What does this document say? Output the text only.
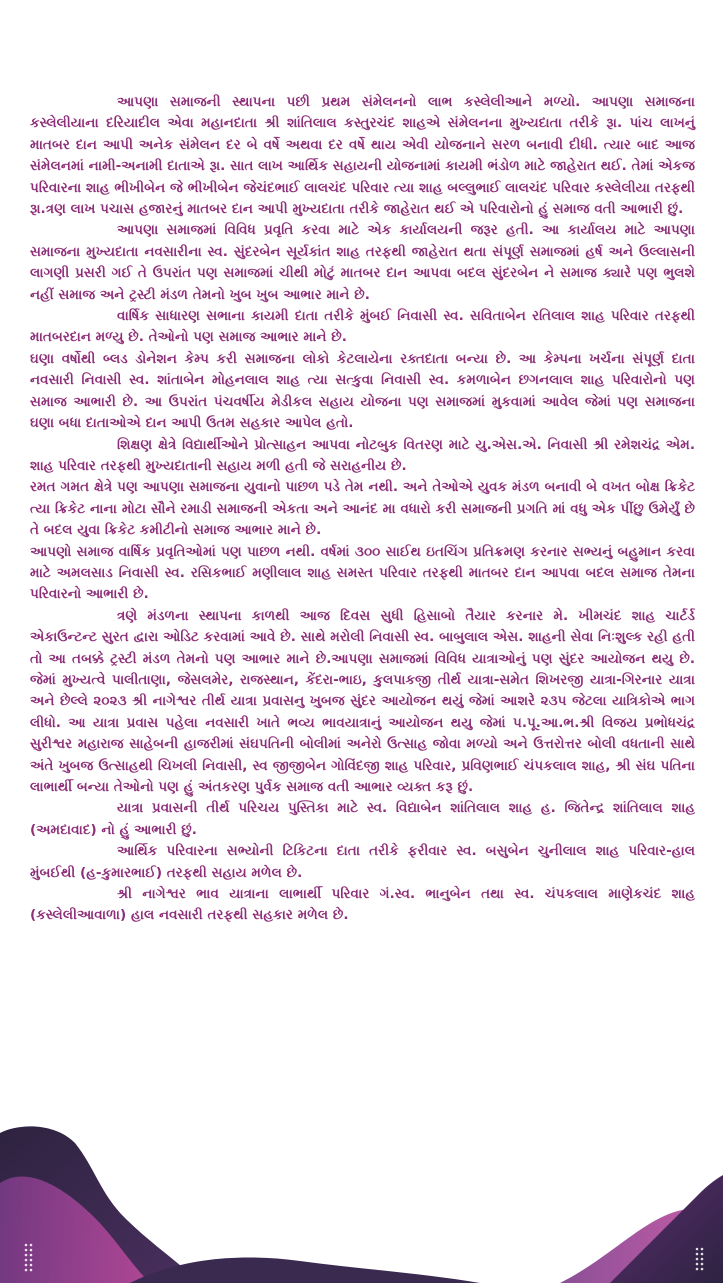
આપણા સમાજની સ્થાપના પછી પ્રથમ સંમેલનનો લાભ કસ્લેલીઆને મળ્યો. આપણા સમાજના કસ્લેલીયાના દરિયાદીલ એવા મહાનદાતા શ્રી શાંતિલાલ કસ્તુરચંદ શાહએ સંમેલનના મુખ્યદાતા તરીકે રૂા. પાંચ લાખનું માતબર દાન આપી અનેક સંમેલન દર બે વર્ષે અથવા દર વર્ષે થાય એવી યોજનાને સરળ બનાવી દીધી. ત્યાર બાદ આજ સંમેલનમાં નામી-અનામી દાતાએ રૂા. સાત લાખ આર્થિક સહાયની યોજનામાં કાયમી ભંડોળ માટે જાહેરાત થઈ. તેમાં એકજ પરિવારના શાહ ભીખીબેન જે ભીખીબેન જેચંદભાઈ લાલચંદ પરિવાર ત્યા શાહ બલ્લુભાઈ લાલચંદ પરિવાર કસ્લેલીયા તરફથી રૂા.ત્રણ લાખ પચાસ હજારનું માતબર દાન આપી મુખ્યદાતા તરીકે જાહેરાત થઈ એ પરિવારોનો હું સમાજ વતી આભારી છું.

આપણા સમાજમાં વિવિધ પ્રવૃતિ કરવા માટે એક કાર્યાલયની જરૂર હતી. આ કાર્યાલય માટે આપણા સમાજના મુખ્યદાતા નવસારીના સ્વ. સુંદરબેન સૂર્યકાંત શાહ તરફથી જાહેરાત થતા સંપૂર્ણ સમાજમાં હર્ષ અને ઉલ્લાસની લાગણી પ્રસરી ગઈ તે ઉપરાંત પણ સમાજમાં ચીથી મોટું માતબર દાન આપવા બદલ સુંદરબેન ને સમાજ ક્યારે પણ ભુલશે નહીં સમાજ અને ટ્રસ્ટી મંડળ તેમનો ખુબ ખુબ આભાર માને છે.

વાર્ષિક સાધારણ સભાના કાયમી દાતા તરીકે મુંબઈ નિવાસી સ્વ. સવિતાબેન રતિલાલ શાહ પરિવાર તરફથી માતબરદાન મળ્યુ છે. તેઓનો પણ સમાજ આભાર માને છે.

ઘણા વર્ષોથી બ્લડ ડોનેશન કેમ્પ કરી સમાજના લોકો કેટલાયેના રક્તદાતા બન્યા છે. આ કેમ્પના ખર્ચના સંપૂર્ણ દાતા નવસારી નિવાસી સ્વ. શાંતાબેન મોહનલાલ શાહ ત્યા સત્કુવા નિવાસી સ્વ. કમળાબેન છગનલાલ શાહ પરિવારોનો પણ સમાજ આભારી છે. આ ઉપરાંત પંચવર્ષીય મેડીકલ સહાય યોજના પણ સમાજમાં મુકવામાં આવેલ જેમાં પણ સમાજના ઘણા બધા દાતાઓએ દાન આપી ઉતમ સહકાર આપેલ હતો.

શિક્ષણ ક્ષેત્રે વિદ્યાર્થીઓને પ્રોત્સાહન આપવા નોટબુક વિતરણ માટે યુ.એસ.એ. નિવાસી શ્રી રમેશચંદ્ર એમ. શાહ પરિવાર તરફથી મુખ્યદાતાની સહાય મળી હતી જે સરાહનીય છે.

રમત ગમત ક્ષેત્રે પણ આપણા સમાજના યુવાનો પાછળ પડે તેમ નથી. અને તેઓએ યુવક મંડળ બનાવી બે વખત બોક્ષ ક્રિકેટ ત્યા ક્રિકેટ નાના મોટા સૌને રમાડી સમાજની એકતા અને આનંદ મા વધારો કરી સમાજની પ્રગતિ માં વધુ એક પીંછુ ઉમેર્યું છે તે બદલ યુવા ક્રિકેટ કમીટીનો સમાજ આભાર માને છે.

આપણો સમાજ વાર્ષિક પ્રવૃતિઓમાં પણ પાછળ નથી. વર્ષમાં ૩૦૦ સાઈથ ઇતચિંગ પ્રતિક્રમણ કરનાર સભ્યનું બહુમાન કરવા માટે અમલસાડ નિવાસી સ્વ. રસિકભાઈ મણીલાલ શાહ સમસ્ત પરિવાર તરફથી માતબર દાન આપવા બદલ સમાજ તેમના પરિવારનો આભારી છે.

ત્રણે મંડળના સ્થાપના કાળથી આજ દિવસ સુધી હિસાબો તૈયાર કરનાર મે. ખીમચંદ શાહ ચાર્ટર્ડ એકાઉન્ટન્ટ સુરત દ્વારા ઓડિટ કરવામાં આવે છે. સાથે મરોલી નિવાસી સ્વ. બાબુલાલ એસ. શાહની સેવા નિઃશુલ્ક રહી હતી તો આ તબક્કે ટ્રસ્ટી મંડળ તેમનો પણ આભાર માને છે.આપણા સમાજમાં વિવિધ યાત્રાઓનું પણ સુંદર આયોજન થયુ છે. જેમાં મુખ્યત્વે પાલીતાણા, જેસલમેર, રાજસ્થાન, કેંદરા-ભાઇ, કુલપાકજી તીર્થ યાત્રા-સમેત શિખરજી યાત્રા-ગિરનાર યાત્રા અને છેલ્લે ૨૦૨૩ શ્રી નાગેશ્વર તીર્થ યાત્રા પ્રવાસનુ ખુબજ સુંદર આયોજન થયું જેમાં આશરે ૨૩૫ જેટલા યાત્રિકોએ ભાગ લીધો. આ યાત્રા પ્રવાસ પહેલા નવસારી ખાતે ભવ્ય ભાવયાત્રાનું આયોજન થયુ જેમાં પ.પૂ.આ.ભ.શ્રી વિજય પ્રભોધચંદ્ર સુરીશ્વર મહારાજ સાહેબની હાજરીમાં સંઘપતિની બોલીમાં અનેરો ઉત્સાહ જોવા મળ્યો અને ઉત્તરોત્તર બોલી વધતાની સાથે અંતે ખુબજ ઉત્સાહથી ચિખલી નિવાસી, સ્વ જીજીબેન ગોવિંદજી શાહ પરિવાર, પ્રવિણભાઈ ચંપકલાલ શાહ, શ્રી સંઘ પતિના લાભાર્થી બન્યા તેઓનો પણ હું અંતકરણ પુર્વક સમાજ વતી આભાર વ્યક્ત કરૂ છું.

યાત્રા પ્રવાસની તીર્થ પરિચય પુસ્તિકા માટે સ્વ. વિદ્યાબેન શાંતિલાલ શાહ હ. જિતેન્દ્ર શાંતિલાલ શાહ (અમદાવાદ) નો હું આભારી છું.

આર્થિક પરિવારના સભ્યોની ટિકિટના દાતા તરીકે ફરીવાર સ્વ. બસુબેન ચુનીલાલ શાહ પરિવાર-હાલ મુંબઈથી (હ-કુમારભાઈ) તરફથી સહાય મળેલ છે.

શ્રી નાગેશ્વર ભાવ યાત્રાના લાભાર્થી પરિવાર ગં.સ્વ. ભાનુબેન તથા સ્વ. ચંપકલાલ માણેકચંદ શાહ (કસ્લેલીઆવાળા) હાલ નવસારી તરફથી સહકાર મળેલ છે.
